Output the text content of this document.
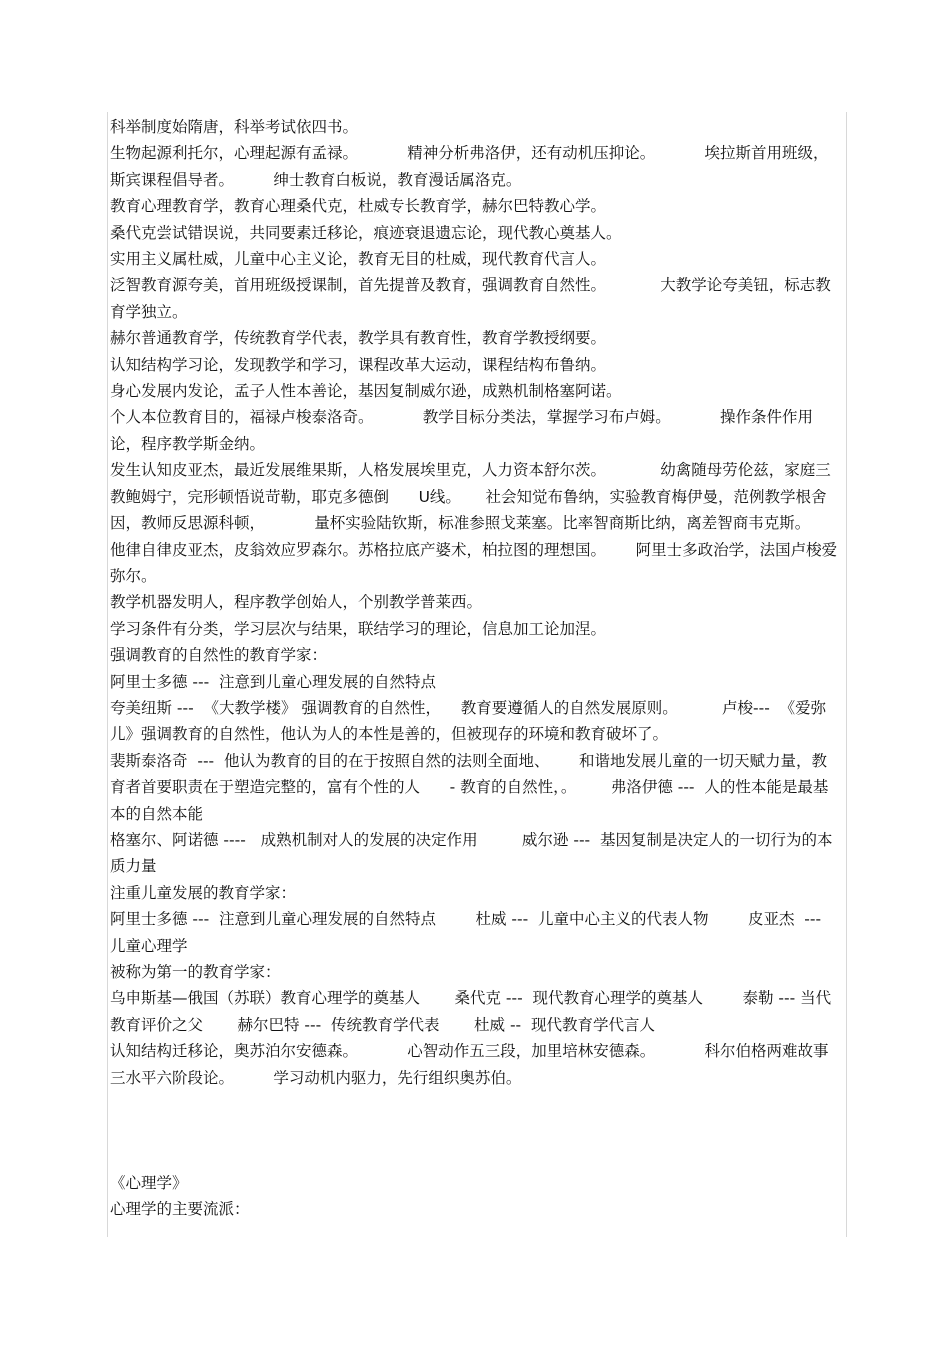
科举制度始隋唐，科举考试依四书。

生物起源利托尔，心理起源有孟禄。          精神分析弗洛伊，还有动机压抑论。          埃拉斯首用班级，斯宾课程倡导者。        绅士教育白板说，教育漫话属洛克。

教育心理教育学，教育心理桑代克，杜威专长教育学，赫尔巴特教心学。

桑代克尝试错误说，共同要素迁移论，痕迹衰退遗忘论，现代教心奠基人。

实用主义属杜威，儿童中心主义论，教育无目的杜威，现代教育代言人。

泛智教育源夸美，首用班级授课制，首先提普及教育，强调教育自然性。           大教学论夸美钮，标志教育学独立。

赫尔普通教育学，传统教育学代表，教学具有教育性，教育学教授纲要。

认知结构学习论，发现教学和学习，课程改革大运动，课程结构布鲁纳。

身心发展内发论，孟子人性本善论，基因复制威尔逊，成熟机制格塞阿诺。

个人本位教育目的，福禄卢梭泰洛奇。          教学目标分类法，掌握学习布卢姆。          操作条件作用论，程序教学斯金纳。

发生认知皮亚杰，最近发展维果斯，人格发展埃里克，人力资本舒尔茨。           幼禽随母劳伦兹，家庭三教鲍姆宁，完形顿悟说苛勒，耶克多德倒      U线。     社会知觉布鲁纳，实验教育梅伊曼，范例教学根舍因，教师反思源科顿，          量杯实验陆钦斯，标准参照戈莱塞。比率智商斯比纳，离差智商韦克斯。        他律自律皮亚杰，皮翁效应罗森尔。苏格拉底产婆术，柏拉图的理想国。      阿里士多政治学，法国卢梭爱弥尔。

教学机器发明人，程序教学创始人，个别教学普莱西。

学习条件有分类，学习层次与结果，联结学习的理论，信息加工论加涅。

强调教育的自然性的教育学家：

阿里士多德 ---  注意到儿童心理发展的自然特点

夸美纽斯 ---  《大教学楼》 强调教育的自然性，    教育要遵循人的自然发展原则。         卢梭---  《爱弥儿》强调教育的自然性，他认为人的本性是善的，但被现存的环境和教育破坏了。

裴斯泰洛奇  ---  他认为教育的目的在于按照自然的法则全面地、      和谐地发展儿童的一切天赋力量，教育者首要职责在于塑造完整的，富有个性的人      - 教育的自然性，。       弗洛伊德 ---  人的性本能是最基本的自然本能

格塞尔、阿诺德 ----   成熟机制对人的发展的决定作用         威尔逊 ---  基因复制是决定人的一切行为的本质力量

注重儿童发展的教育学家：

阿里士多德 ---  注意到儿童心理发展的自然特点        杜威 ---  儿童中心主义的代表人物        皮亚杰  ---  儿童心理学

被称为第一的教育学家：

乌申斯基—俄国（苏联）教育心理学的奠基人       桑代克 ---  现代教育心理学的奠基人        泰勒 --- 当代教育评价之父       赫尔巴特 ---  传统教育学代表       杜威 --  现代教育学代言人

认知结构迁移论，奥苏泊尔安德森。          心智动作五三段，加里培林安德森。          科尔伯格两难故事三水平六阶段论。        学习动机内驱力，先行组织奥苏伯。

《心理学》

心理学的主要流派：
